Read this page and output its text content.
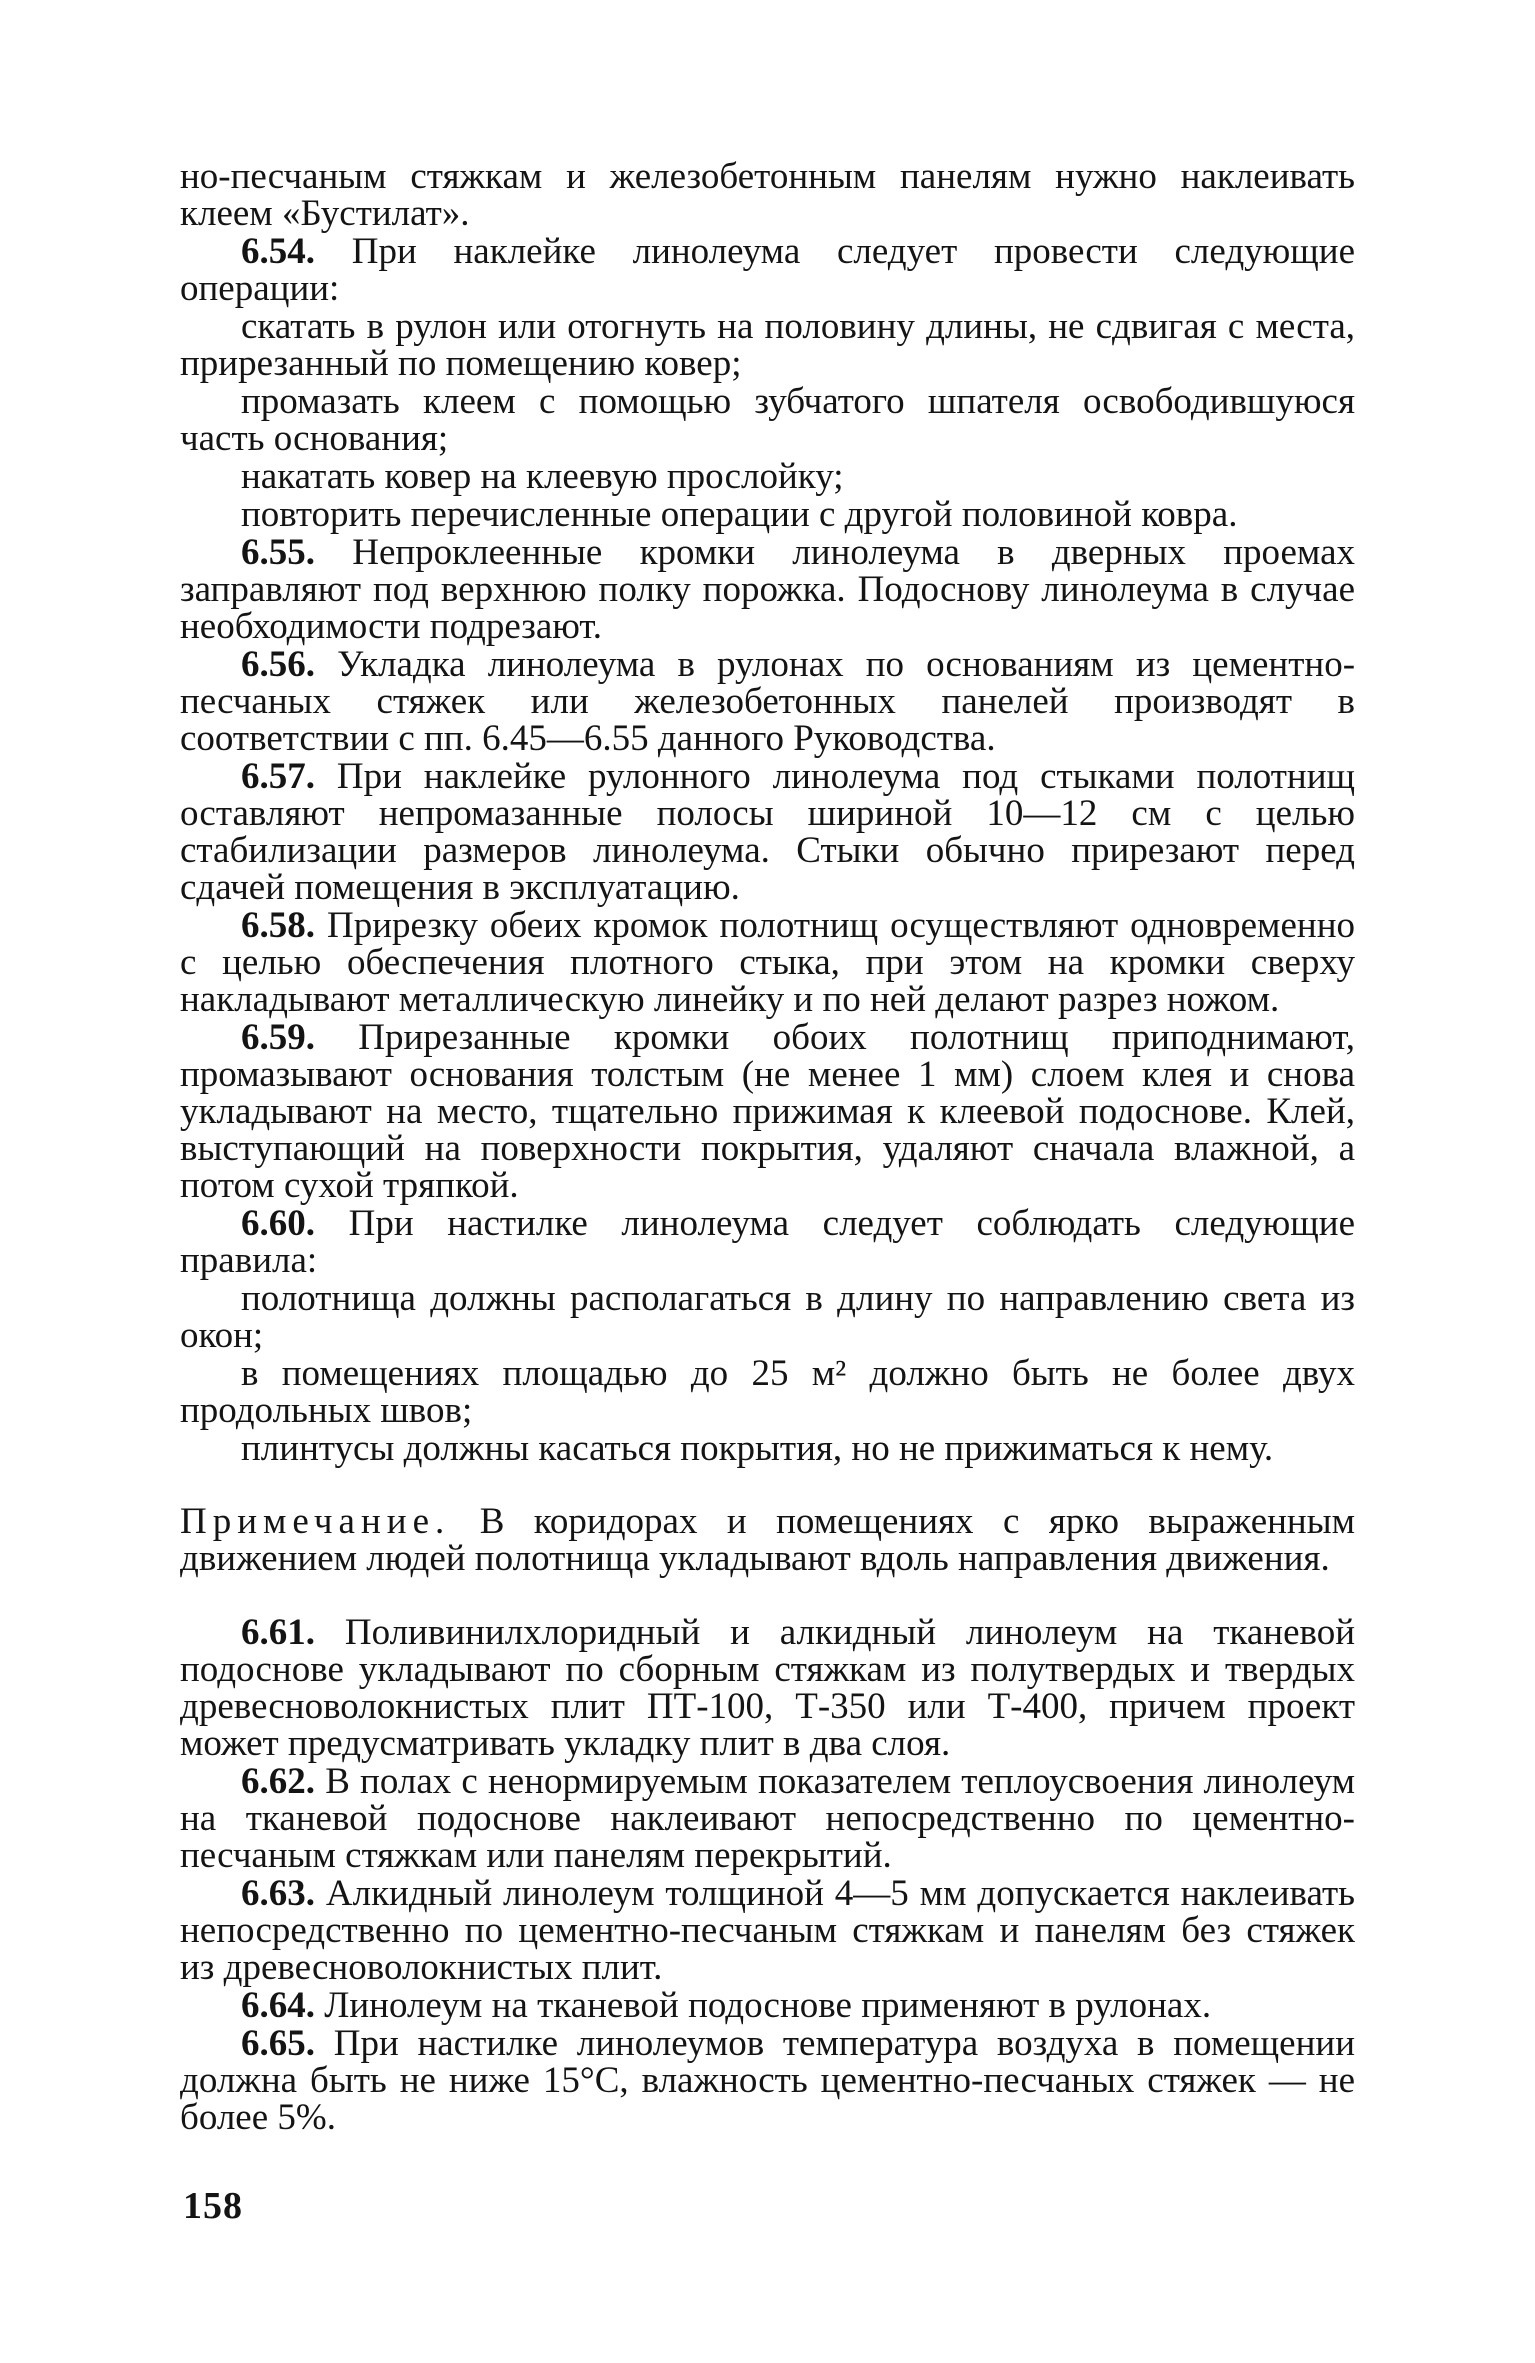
но-песчаным стяжкам и железобетонным панелям нужно наклеивать клеем «Бустилат».

6.54. При наклейке линолеума следует провести следующие операции:

скатать в рулон или отогнуть на половину длины, не сдвигая с места, прирезанный по помещению ковер;

промазать клеем с помощью зубчатого шпателя освободившуюся часть основания;

накатать ковер на клеевую прослойку;

повторить перечисленные операции с другой половиной ковра.

6.55. Непроклеенные кромки линолеума в дверных проемах заправляют под верхнюю полку порожка. Подоснову линолеума в случае необходимости подрезают.

6.56. Укладка линолеума в рулонах по основаниям из цементно-песчаных стяжек или железобетонных панелей производят в соответствии с пп. 6.45—6.55 данного Руководства.

6.57. При наклейке рулонного линолеума под стыками полотнищ оставляют непромазанные полосы шириной 10—12 см с целью стабилизации размеров линолеума. Стыки обычно прирезают перед сдачей помещения в эксплуатацию.

6.58. Прирезку обеих кромок полотнищ осуществляют одновременно с целью обеспечения плотного стыка, при этом на кромки сверху накладывают металлическую линейку и по ней делают разрез ножом.

6.59. Прирезанные кромки обоих полотнищ приподнимают, промазывают основания толстым (не менее 1 мм) слоем клея и снова укладывают на место, тщательно прижимая к клеевой подоснове. Клей, выступающий на поверхности покрытия, удаляют сначала влажной, а потом сухой тряпкой.

6.60. При настилке линолеума следует соблюдать следующие правила:

полотнища должны располагаться в длину по направлению света из окон;

в помещениях площадью до 25 м² должно быть не более двух продольных швов;

плинтусы должны касаться покрытия, но не прижиматься к нему.

Примечание. В коридорах и помещениях с ярко выраженным движением людей полотнища укладывают вдоль направления движения.

6.61. Поливинилхлоридный и алкидный линолеум на тканевой подоснове укладывают по сборным стяжкам из полутвердых и твердых древесноволокнистых плит ПТ-100, Т-350 или Т-400, причем проект может предусматривать укладку плит в два слоя.

6.62. В полах с ненормируемым показателем теплоусвоения линолеум на тканевой подоснове наклеивают непосредственно по цементно-песчаным стяжкам или панелям перекрытий.

6.63. Алкидный линолеум толщиной 4—5 мм допускается наклеивать непосредственно по цементно-песчаным стяжкам и панелям без стяжек из древесноволокнистых плит.

6.64. Линолеум на тканевой подоснове применяют в рулонах.

6.65. При настилке линолеумов температура воздуха в помещении должна быть не ниже 15°С, влажность цементно-песчаных стяжек — не более 5%.

158
